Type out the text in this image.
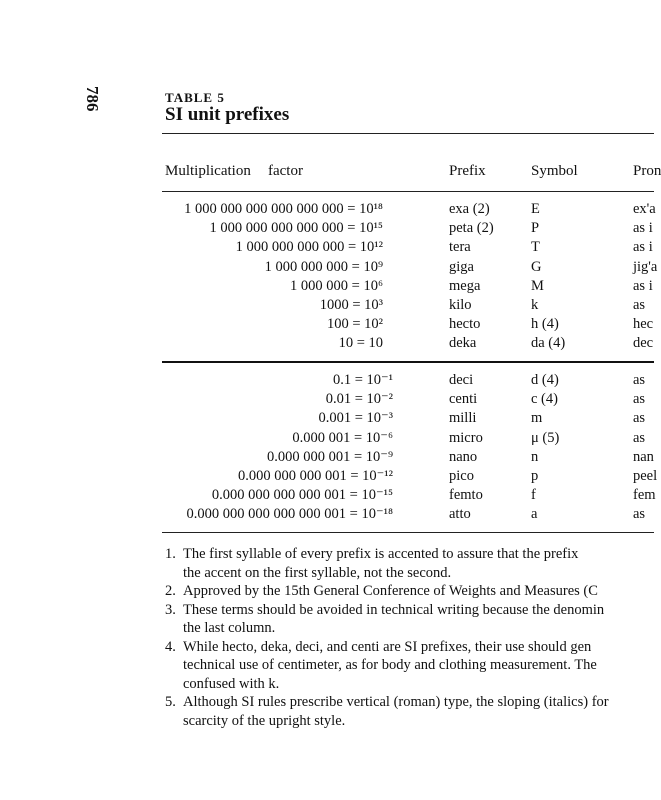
786	TABLE 5
SI unit prefixes
Multiplication factor	Prefix	Symbol	Pron
1 000 000 000 000 000 000 = 10¹⁸	exa (2)	E	ex'a
1 000 000 000 000 000 = 10¹⁵	peta (2)	P	as i
1 000 000 000 000 = 10¹²	tera	T	as i
1 000 000 000 = 10⁹	giga	G	jig'a
1 000 000 = 10⁶	mega	M	as i
1000 = 10³	kilo	k	as
100 = 10²	hecto	h (4)	hec
10 = 10	deka	da (4)	dec
0.1 = 10⁻¹	deci	d (4)	as
0.01 = 10⁻²	centi	c (4)	as
0.001 = 10⁻³	milli	m	as
0.000 001 = 10⁻⁶	micro	μ (5)	as
0.000 000 001 = 10⁻⁹	nano	n	nan
0.000 000 000 001 = 10⁻¹²	pico	p	peel
0.000 000 000 000 001 = 10⁻¹⁵	femto	f	fem
0.000 000 000 000 000 001 = 10⁻¹⁸	atto	a	as
1. The first syllable of every prefix is accented to assure that the prefix
the accent on the first syllable, not the second.
2. Approved by the 15th General Conference of Weights and Measures (C
3. These terms should be avoided in technical writing because the denomin
the last column.
4. While hecto, deka, deci, and centi are SI prefixes, their use should gen
technical use of centimeter, as for body and clothing measurement. The
confused with k.
5. Although SI rules prescribe vertical (roman) type, the sloping (italics) for
scarcity of the upright style.
